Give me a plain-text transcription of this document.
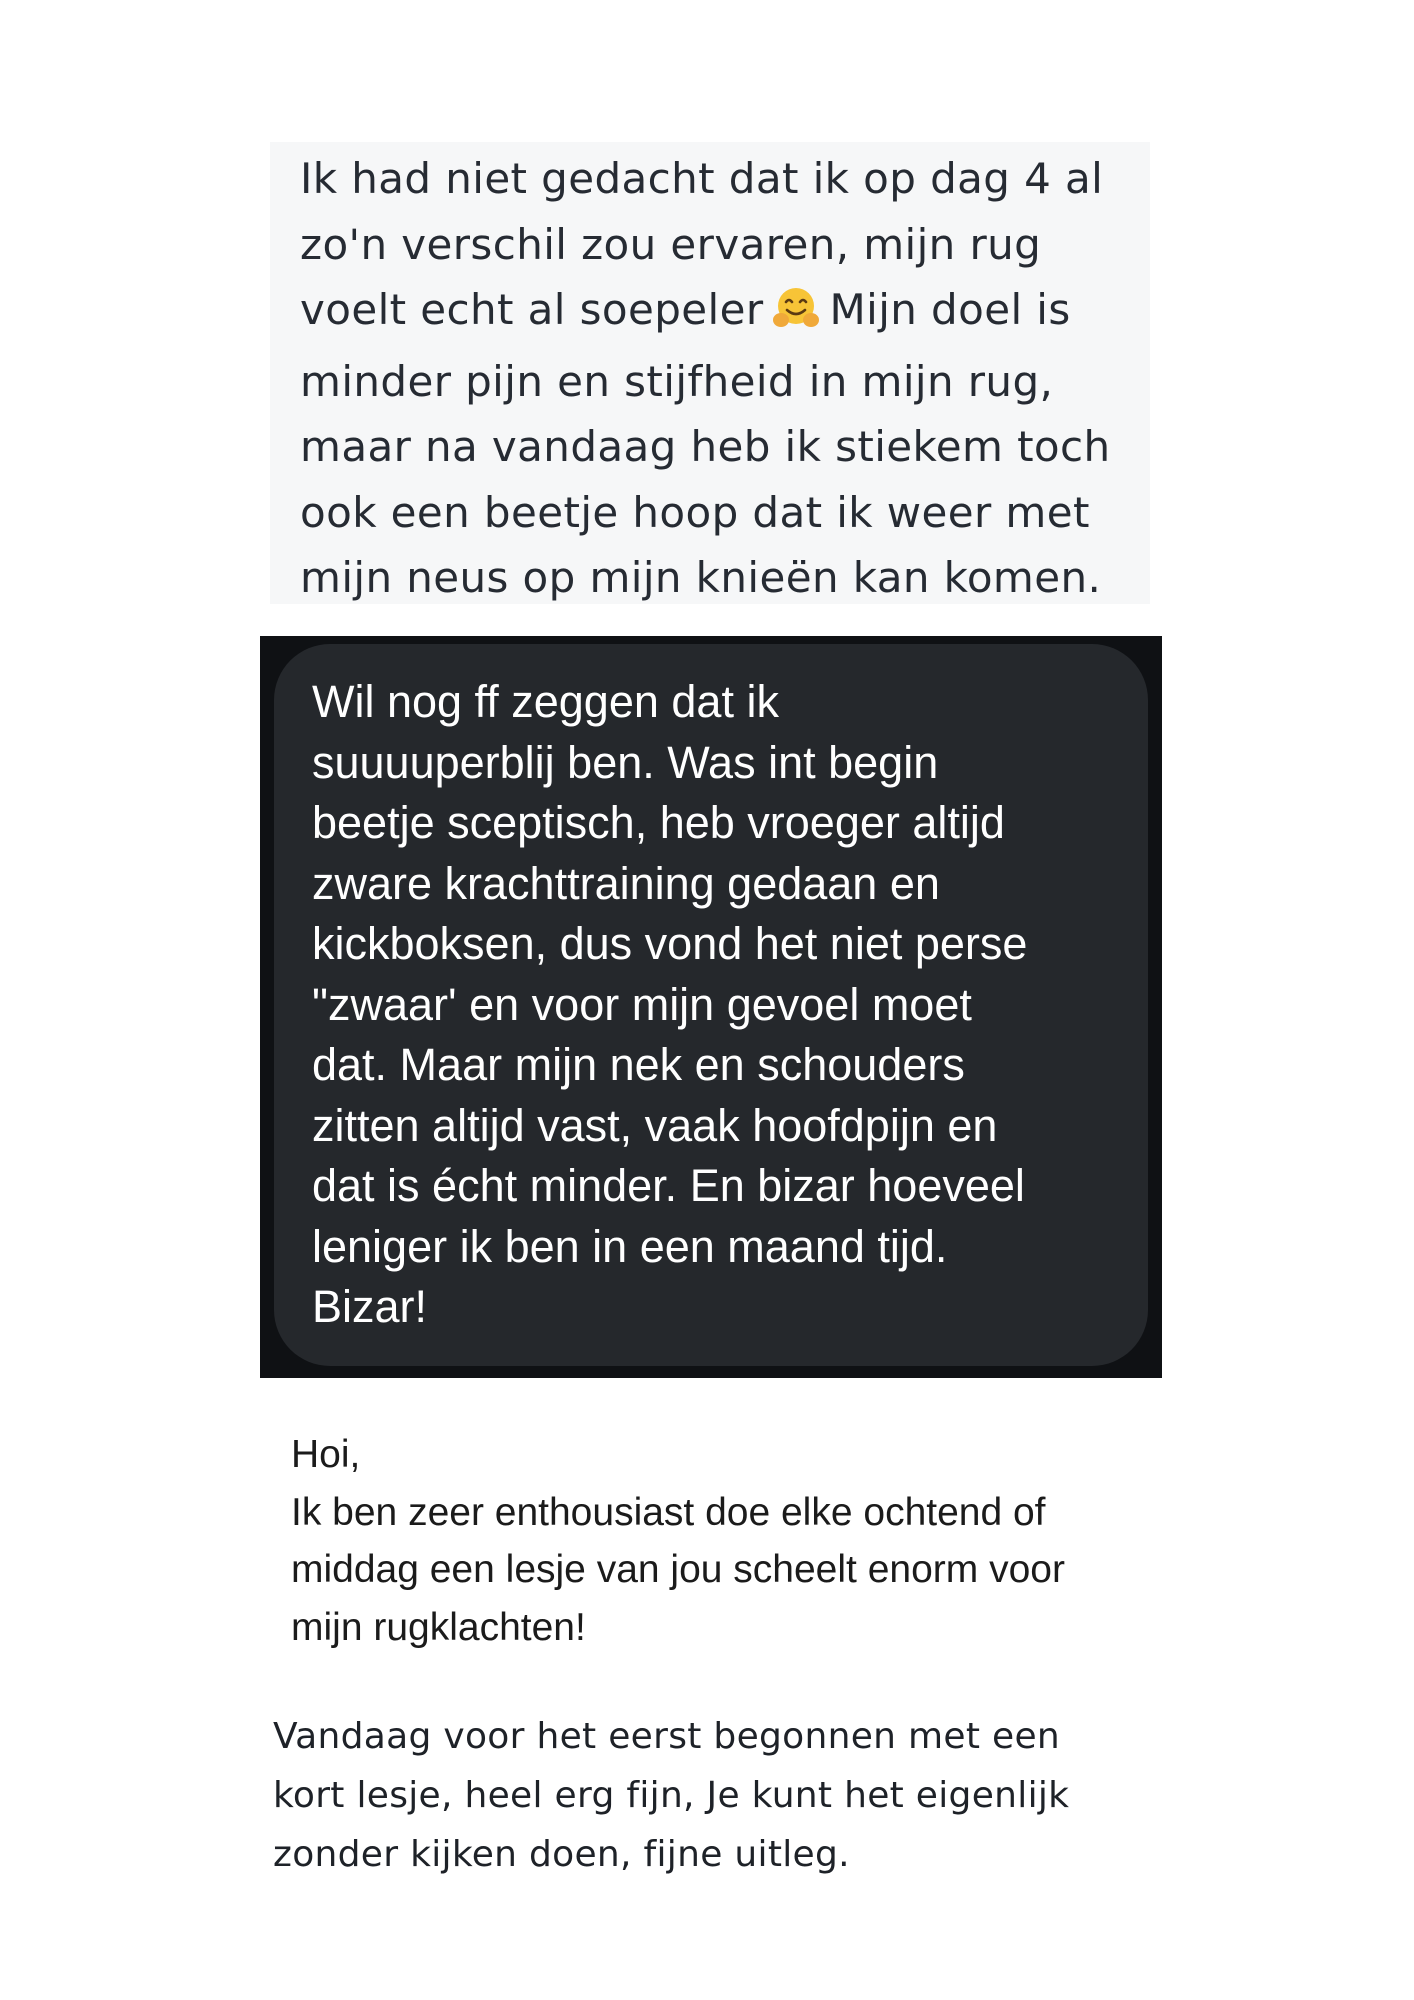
Ik had niet gedacht dat ik op dag 4 al
zo'n verschil zou ervaren, mijn rug
voelt echt al soepeler Mijn doel is
minder pijn en stijfheid in mijn rug,
maar na vandaag heb ik stiekem toch
ook een beetje hoop dat ik weer met
mijn neus op mijn knieën kan komen.
Wil nog ff zeggen dat ik
suuuuperblij ben. Was int begin
beetje sceptisch, heb vroeger altijd
zware krachttraining gedaan en
kickboksen, dus vond het niet perse
"zwaar' en voor mijn gevoel moet
dat. Maar mijn nek en schouders
zitten altijd vast, vaak hoofdpijn en
dat is écht minder. En bizar hoeveel
leniger ik ben in een maand tijd.
Bizar!
Hoi,
Ik ben zeer enthousiast doe elke ochtend of
middag een lesje van jou scheelt enorm voor
mijn rugklachten!
Vandaag voor het eerst begonnen met een
kort lesje, heel erg fijn, Je kunt het eigenlijk
zonder kijken doen, fijne uitleg.
